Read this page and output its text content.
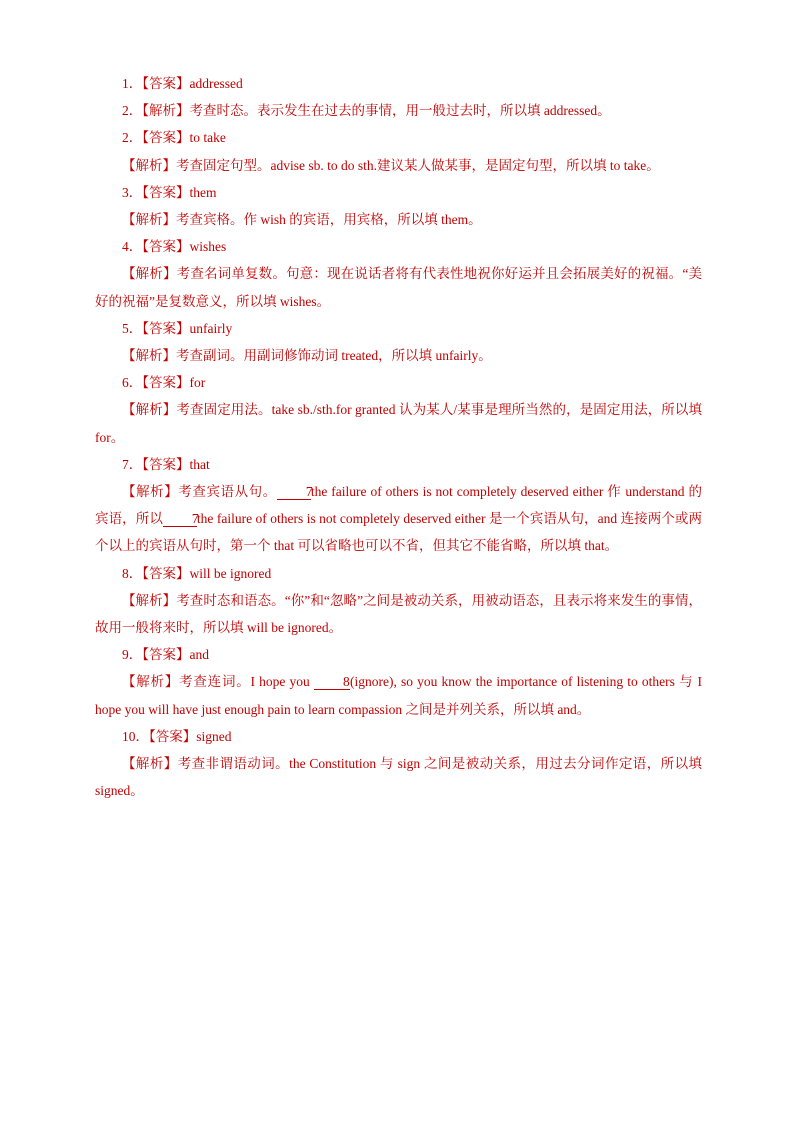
1．【答案】addressed
2．【解析】考查时态。表示发生在过去的事情，用一般过去时，所以填 addressed。
2．【答案】to take
【解析】考查固定句型。advise sb. to do sth.建议某人做某事，是固定句型，所以填 to take。
3．【答案】them
【解析】考查宾格。作 wish 的宾语，用宾格，所以填 them。
4．【答案】wishes
【解析】考查名词单复数。句意：现在说话者将有代表性地祝你好运并且会拓展美好的祝福。“美好的祝福”是复数意义，所以填 wishes。
5．【答案】unfairly
【解析】考查副词。用副词修饰动词 treated，所以填 unfairly。
6．【答案】for
【解析】考查固定用法。take sb./sth.for granted 认为某人/某事是理所当然的，是固定用法，所以填 for。
7．【答案】that
【解析】考查宾语从句。 7the failure of others is not completely deserved either 作 understand 的宾语，所以 7the failure of others is not completely deserved either 是一个宾语从句，and 连接两个或两个以上的宾语从句时，第一个 that 可以省略也可以不省，但其它不能省略，所以填 that。
8．【答案】will be ignored
【解析】考查时态和语态。“你”和“忽略”之间是被动关系，用被动语态，且表示将来发生的事情，故用一般将来时，所以填 will be ignored。
9．【答案】and
【解析】考查连词。I hope you 8(ignore), so you know the importance of listening to others 与 I hope you will have just enough pain to learn compassion 之间是并列关系，所以填 and。
10．【答案】signed
【解析】考查非谓语动词。the Constitution 与 sign 之间是被动关系，用过去分词作定语，所以填 signed。
